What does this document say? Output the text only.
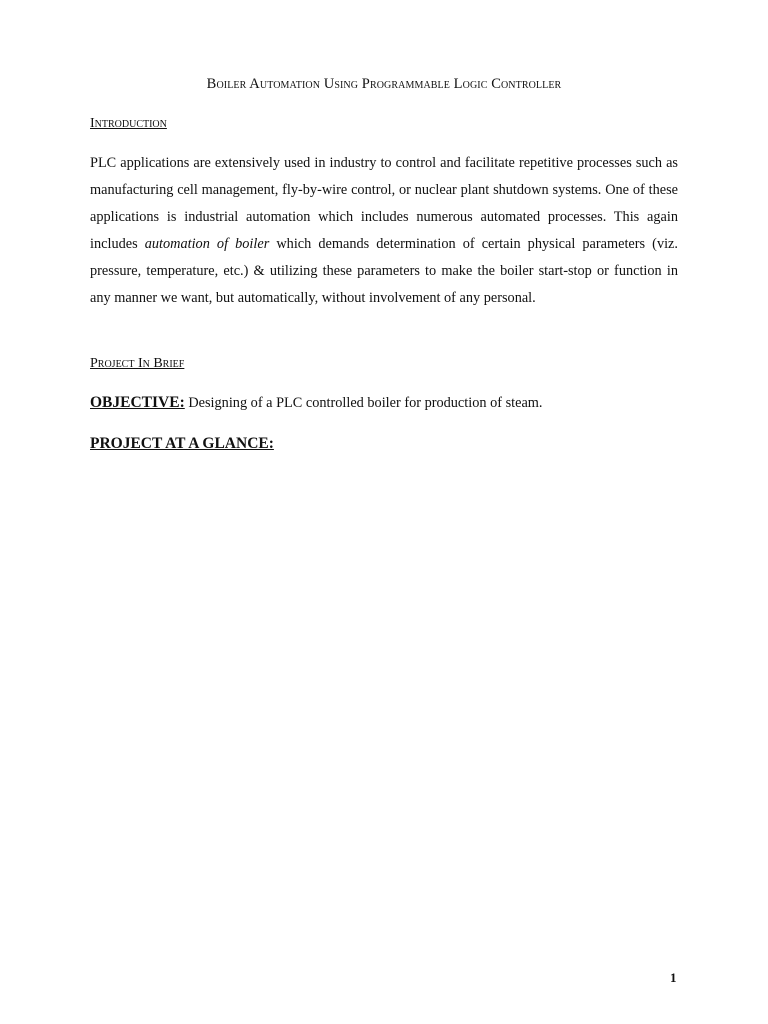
Boiler Automation Using Programmable Logic Controller
Introduction
PLC applications are extensively used in industry to control and facilitate repetitive processes such as manufacturing cell management, fly-by-wire control, or nuclear plant shutdown systems. One of these applications is industrial automation which includes numerous automated processes. This again includes automation of boiler which demands determination of certain physical parameters (viz. pressure, temperature, etc.) & utilizing these parameters to make the boiler start-stop or function in any manner we want, but automatically, without involvement of any personal.
Project In Brief
OBJECTIVE: Designing of a PLC controlled boiler for production of steam.
PROJECT AT A GLANCE:
1
